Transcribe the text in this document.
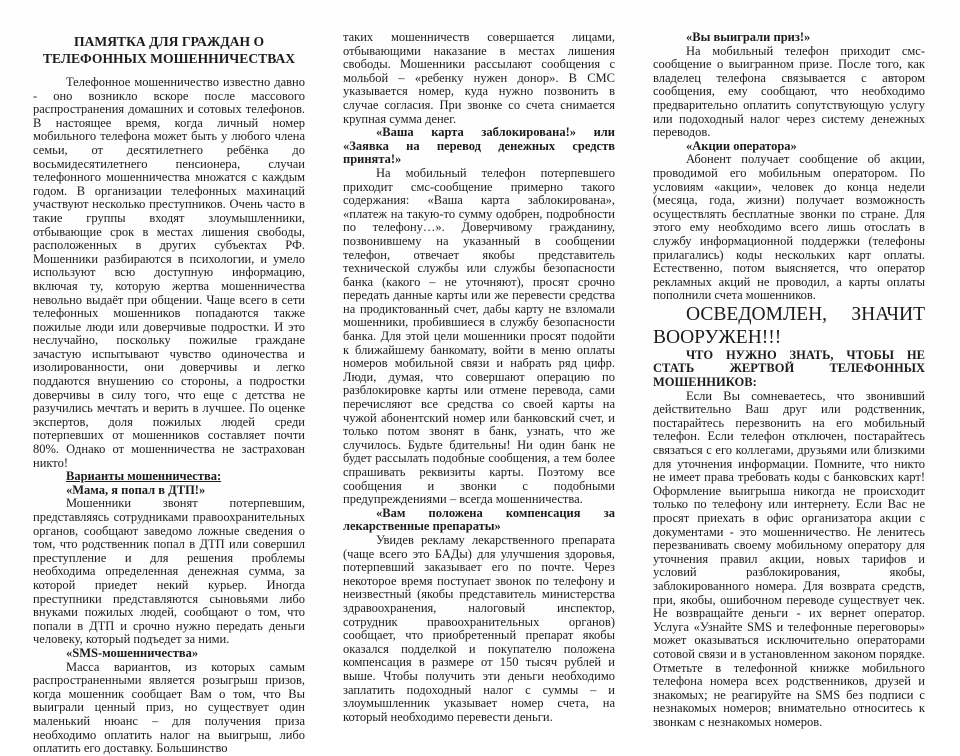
ПАМЯТКА ДЛЯ ГРАЖДАН О
ТЕЛЕФОННЫХ МОШЕННИЧЕСТВАХ

Телефонное мошенничество известно давно - оно возникло вскоре после массового распространения домашних и сотовых телефонов. В настоящее время, когда личный номер мобильного телефона может быть у любого члена семьи, от десятилетнего ребёнка до восьмидесятилетнего пенсионера, случаи телефонного мошенничества множатся с каждым годом. В организации телефонных махинаций участвуют несколько преступников. Очень часто в такие группы входят злоумышленники, отбывающие срок в местах лишения свободы, расположенных в других субъектах РФ. Мошенники разбираются в психологии, и умело используют всю доступную информацию, включая ту, которую жертва мошенничества невольно выдаёт при общении. Чаще всего в сети телефонных мошенников попадаются также пожилые люди или доверчивые подростки. И это неслучайно, поскольку пожилые граждане зачастую испытывают чувство одиночества и изолированности, они доверчивы и легко поддаются внушению со стороны, а подростки доверчивы в силу того, что еще с детства не разучились мечтать и верить в лучшее. По оценке экспертов, доля пожилых людей среди потерпевших от мошенников составляет почти 80%. Однако от мошенничества не застрахован никто!

Варианты мошенничества:

«Мама, я попал в ДТП!»

Мошенники звонят потерпевшим, представляясь сотрудниками правоохранительных органов, сообщают заведомо ложные сведения о том, что родственник попал в ДТП или совершил преступление и для решения проблемы необходима определенная денежная сумма, за которой приедет некий курьер. Иногда преступники представляются сыновьями либо внуками пожилых людей, сообщают о том, что попали в ДТП и срочно нужно передать деньги человеку, который подъедет за ними.

«SMS-мошенничества»

Масса вариантов, из которых самым распространенными является розыгрыш призов, когда мошенник сообщает Вам о том, что Вы выиграли ценный приз, но существует один маленький нюанс – для получения приза необходимо оплатить налог на выигрыш, либо оплатить его доставку. Большинство

таких мошенничеств совершается лицами, отбывающими наказание в местах лишения свободы. Мошенники рассылают сообщения с мольбой – «ребенку нужен донор». В СМС указывается номер, куда нужно позвонить в случае согласия. При звонке со счета снимается крупная сумма денег.

«Ваша карта заблокирована!» или «Заявка на перевод денежных средств принята!»

На мобильный телефон потерпевшего приходит смс-сообщение примерно такого содержания: «Ваша карта заблокирована», «платеж на такую-то сумму одобрен, подробности по телефону…». Доверчивому гражданину, позвонившему на указанный в сообщении телефон, отвечает якобы представитель технической службы или службы безопасности банка (какого – не уточняют), просят срочно передать данные карты или же перевести средства на продиктованный счет, дабы карту не взломали мошенники, пробившиеся в службу безопасности банка. Для этой цели мошенники просят подойти к ближайшему банкомату, войти в меню оплаты номеров мобильной связи и набрать ряд цифр. Люди, думая, что совершают операцию по разблокировке карты или отмене перевода, сами перечисляют все средства со своей карты на чужой абонентский номер или банковский счет, и только потом звонят в банк, узнать, что же случилось. Будьте бдительны! Ни один банк не будет рассылать подобные сообщения, а тем более спрашивать реквизиты карты. Поэтому все сообщения и звонки с подобными предупреждениями – всегда мошенничества.

«Вам положена компенсация за лекарственные препараты»

Увидев рекламу лекарственного препарата (чаще всего это БАДы) для улучшения здоровья, потерпевший заказывает его по почте. Через некоторое время поступает звонок по телефону и неизвестный (якобы представитель министерства здравоохранения, налоговый инспектор, сотрудник правоохранительных органов) сообщает, что приобретенный препарат якобы оказался подделкой и покупателю положена компенсация в размере от 150 тысяч рублей и выше. Чтобы получить эти деньги необходимо заплатить подоходный налог с суммы – и злоумышленник указывает номер счета, на который необходимо перевести деньги.

«Вы выиграли приз!»

На мобильный телефон приходит смс-сообщение о выигранном призе. После того, как владелец телефона связывается с автором сообщения, ему сообщают, что необходимо предварительно оплатить сопутствующую услугу или подоходный налог через систему денежных переводов.

«Акции оператора»

Абонент получает сообщение об акции, проводимой его мобильным оператором. По условиям «акции», человек до конца недели (месяца, года, жизни) получает возможность осуществлять бесплатные звонки по стране. Для этого ему необходимо всего лишь отослать в службу информационной поддержки (телефоны прилагались) коды нескольких карт оплаты. Естественно, потом выясняется, что оператор рекламных акций не проводил, а карты оплаты пополнили счета мошенников.

ОСВЕДОМЛЕН, ЗНАЧИТ ВООРУЖЕН!!!

ЧТО НУЖНО ЗНАТЬ, ЧТОБЫ НЕ СТАТЬ ЖЕРТВОЙ ТЕЛЕФОННЫХ МОШЕННИКОВ:

Если Вы сомневаетесь, что звонивший действительно Ваш друг или родственник, постарайтесь перезвонить на его мобильный телефон. Если телефон отключен, постарайтесь связаться с его коллегами, друзьями или близкими для уточнения информации. Помните, что никто не имеет права требовать коды с банковских карт! Оформление выигрыша никогда не происходит только по телефону или интернету. Если Вас не просят приехать в офис организатора акции с документами - это мошенничество. Не ленитесь перезванивать своему мобильному оператору для уточнения правил акции, новых тарифов и условий разблокирования, якобы, заблокированного номера. Для возврата средств, при, якобы, ошибочном переводе существует чек. Не возвращайте деньги - их вернет оператор. Услуга «Узнайте SMS и телефонные переговоры» может оказываться исключительно операторами сотовой связи и в установленном законом порядке. Отметьте в телефонной книжке мобильного телефона номера всех родственников, друзей и знакомых; не реагируйте на SMS без подписи с незнакомых номеров; внимательно относитесь к звонкам с незнакомых номеров.
